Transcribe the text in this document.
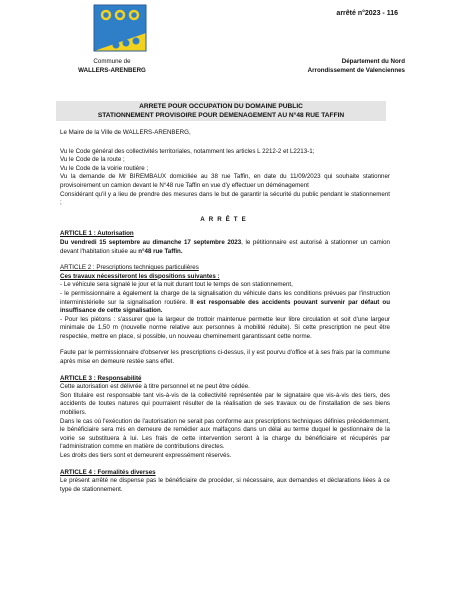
arrêté n°2023 - 116
Commune de
WALLERS-ARENBERG
Département du Nord
Arrondissement de Valenciennes
ARRETE POUR OCCUPATION DU DOMAINE PUBLIC
STATIONNEMENT PROVISOIRE POUR DEMENAGEMENT AU N°48 RUE TAFFIN

Le Maire de la Ville de WALLERS-ARENBERG,

Vu le Code général des collectivités territoriales, notamment les articles L 2212-2 et L2213-1;

Vu le Code de la route ;

Vu le Code de la voirie routière ;

Vu la demande de Mr BIREMBAUX domiciliée au 38 rue Taffin, en date du 11/09/2023 qui souhaite stationner provisoirement un camion devant le N°48 rue Taffin en vue d'y effectuer un déménagement

Considérant qu'il y a lieu de prendre des mesures dans le but de garantir la sécurité du public pendant le stationnement ;

ARRÊTE

ARTICLE 1 : Autorisation

Du vendredi 15 septembre au dimanche 17 septembre 2023, le pétitionnaire est autorisé à stationner un camion devant l'habitation située au n°48 rue Taffin.

ARTICLE 2 : Prescriptions techniques particulières

Ces travaux nécessiteront les dispositions suivantes :

- Le véhicule sera signalé le jour et la nuit durant tout le temps de son stationnement,

- le permissionnaire a également la charge de la signalisation du véhicule dans les conditions prévues par l'instruction interministérielle sur la signalisation routière. Il est responsable des accidents pouvant survenir par défaut ou insuffisance de cette signalisation.

- Pour les piétons : s'assurer que la largeur de trottoir maintenue permette leur libre circulation et soit d'une largeur minimale de 1,50 m (nouvelle norme relative aux personnes à mobilité réduite). Si cette prescription ne peut être respectée, mettre en place, si possible, un nouveau cheminement garantissant cette norme.

Faute par le permissionnaire d'observer les prescriptions ci-dessus, il y est pourvu d'office et à ses frais par la commune après mise en demeure restée sans effet.

ARTICLE 3 : Responsabilité

Cette autorisation est délivrée à titre personnel et ne peut être cédée.

Son titulaire est responsable tant vis-à-vis de la collectivité représentée par le signataire que vis-à-vis des tiers, des accidents de toutes natures qui pourraient résulter de la réalisation de ses travaux ou de l'installation de ses biens mobiliers.

Dans le cas où l'exécution de l'autorisation ne serait pas conforme aux prescriptions techniques définies précédemment, le bénéficiaire sera mis en demeure de remédier aux malfaçons dans un délai au terme duquel le gestionnaire de la voirie se substituera à lui. Les frais de cette intervention seront à la charge du bénéficiaire et récupérés par l'administration comme en matière de contributions directes.

Les droits des tiers sont et demeurent expressément réservés.

ARTICLE 4 : Formalités diverses

Le présent arrêté ne dispense pas le bénéficiaire de procéder, si nécessaire, aux demandes et déclarations liées à ce type de stationnement.
